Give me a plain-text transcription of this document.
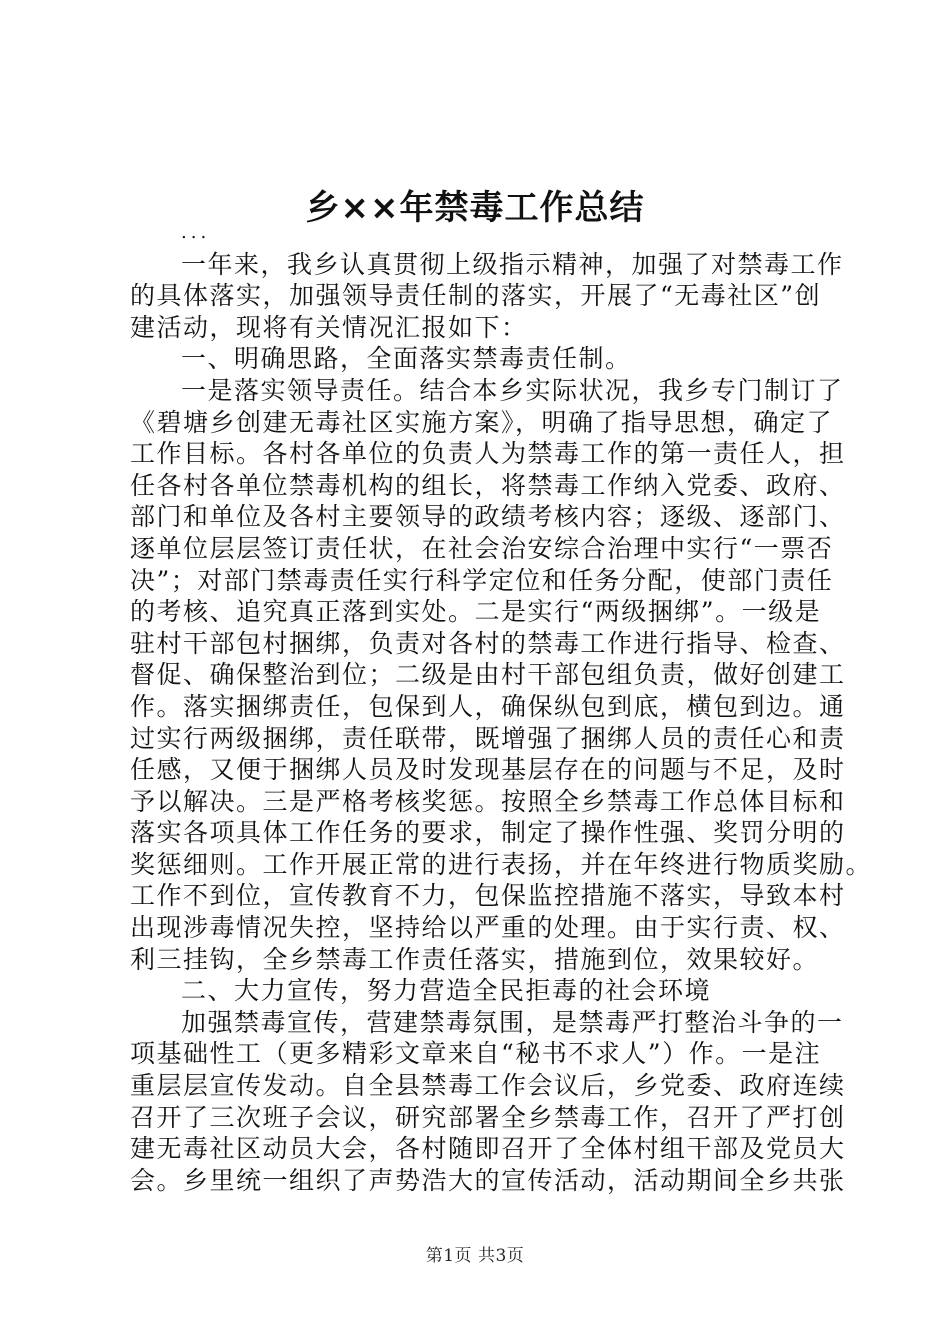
乡××年禁毒工作总结
...
一年来，我乡认真贯彻上级指示精神，加强了对禁毒工作
的具体落实，加强领导责任制的落实，开展了“无毒社区”创
建活动，现将有关情况汇报如下：
一、明确思路，全面落实禁毒责任制。
一是落实领导责任。结合本乡实际状况，我乡专门制订了
《碧塘乡创建无毒社区实施方案》，明确了指导思想，确定了
工作目标。各村各单位的负责人为禁毒工作的第一责任人，担
任各村各单位禁毒机构的组长，将禁毒工作纳入党委、政府、
部门和单位及各村主要领导的政绩考核内容；逐级、逐部门、
逐单位层层签订责任状，在社会治安综合治理中实行“一票否
决”；对部门禁毒责任实行科学定位和任务分配，使部门责任
的考核、追究真正落到实处。二是实行“两级捆绑”。一级是
驻村干部包村捆绑，负责对各村的禁毒工作进行指导、检查、
督促、确保整治到位；二级是由村干部包组负责，做好创建工
作。落实捆绑责任，包保到人，确保纵包到底，横包到边。通
过实行两级捆绑，责任联带，既增强了捆绑人员的责任心和责
任感，又便于捆绑人员及时发现基层存在的问题与不足，及时
予以解决。三是严格考核奖惩。按照全乡禁毒工作总体目标和
落实各项具体工作任务的要求，制定了操作性强、奖罚分明的
奖惩细则。工作开展正常的进行表扬，并在年终进行物质奖励。
工作不到位，宣传教育不力，包保监控措施不落实，导致本村
出现涉毒情况失控，坚持给以严重的处理。由于实行责、权、
利三挂钩，全乡禁毒工作责任落实，措施到位，效果较好。
二、大力宣传，努力营造全民拒毒的社会环境
加强禁毒宣传，营建禁毒氛围，是禁毒严打整治斗争的一
项基础性工（更多精彩文章来自“秘书不求人”）作。一是注
重层层宣传发动。自全县禁毒工作会议后，乡党委、政府连续
召开了三次班子会议，研究部署全乡禁毒工作，召开了严打创
建无毒社区动员大会，各村随即召开了全体村组干部及党员大
会。乡里统一组织了声势浩大的宣传活动，活动期间全乡共张
第1页 共3页
